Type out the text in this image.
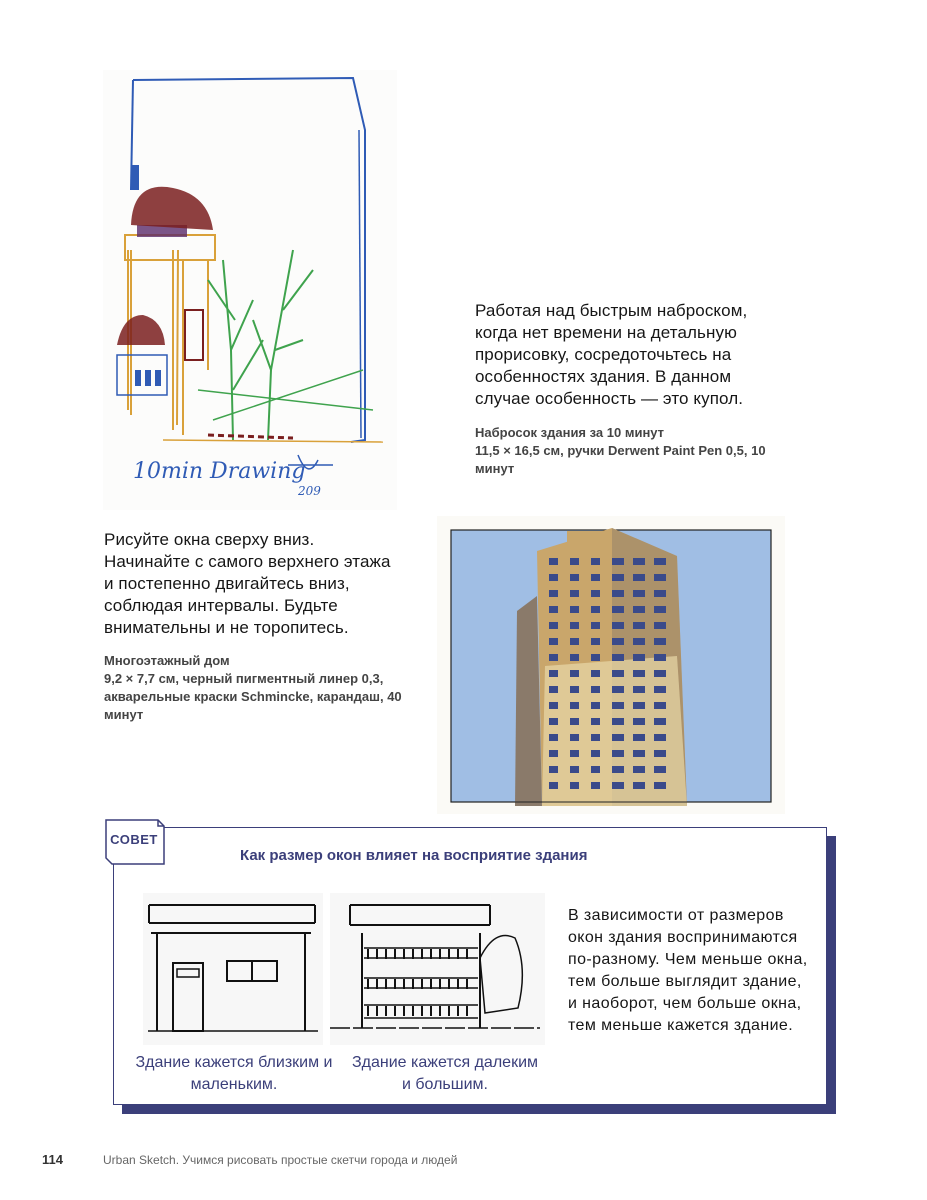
10min Drawing
209
Работая над быстрым наброском, когда нет времени на детальную прорисовку, сосредоточьтесь на особенностях здания. В данном случае особенность — это купол.
Набросок здания за 10 минут
11,5 × 16,5 см, ручки Derwent Paint Pen 0,5, 10 минут
Рисуйте окна сверху вниз. Начинайте с самого верхнего этажа и постепенно двигайтесь вниз, соблюдая интервалы. Будьте внимательны и не торопитесь.
Многоэтажный дом
9,2 × 7,7 см, черный пигментный линер 0,3, акварельные краски Schmincke, карандаш, 40 минут
СОВЕТ
Как размер окон влияет на восприятие здания
Здание кажется близким и маленьким.
Здание кажется далеким и большим.
В зависимости от размеров окон здания воспринимаются по-разному. Чем меньше окна, тем больше выглядит здание, и наоборот, чем больше окна, тем меньше кажется здание.
114	Urban Sketch. Учимся рисовать простые скетчи города и людей
